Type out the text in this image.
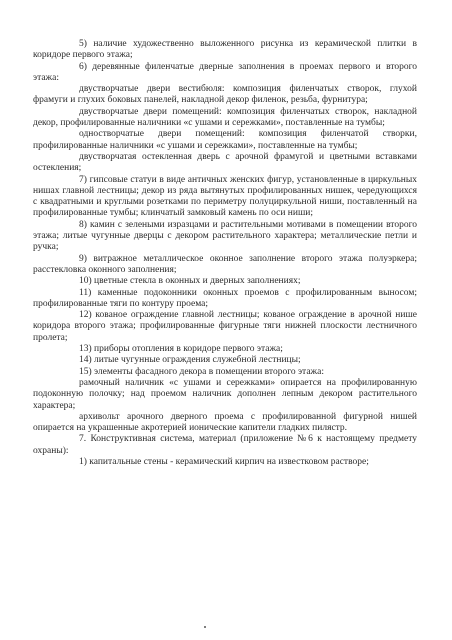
5) наличие художественно выложенного рисунка из керамической плитки в коридоре первого этажа;

6) деревянные филенчатые дверные заполнения в проемах первого и второго этажа:

двустворчатые двери вестибюля: композиция филенчатых створок, глухой фрамуги и глухих боковых панелей, накладной декор филенок, резьба, фурнитура;

двустворчатые двери помещений: композиция филенчатых створок, накладной декор, профилированные наличники «с ушами и сережками», поставленные на тумбы;

одностворчатые двери помещений: композиция филенчатой створки, профилированные наличники «с ушами и сережками», поставленные на тумбы;

двустворчатая остекленная дверь с арочной фрамугой и цветными вставками остекления;

7) гипсовые статуи в виде античных женских фигур, установленные в циркульных нишах главной лестницы; декор из ряда вытянутых профилированных нишек, чередующихся с квадратными и круглыми розетками по периметру полуциркульной ниши, поставленный на профилированные тумбы; клинчатый замковый камень по оси ниши;

8) камин с зелеными изразцами и растительными мотивами в помещении второго этажа; литые чугунные дверцы с декором растительного характера; металлические петли и ручка;

9) витражное металлическое оконное заполнение второго этажа полуэркера; расстекловка оконного заполнения;

10) цветные стекла в оконных и дверных заполнениях;

11) каменные подоконники оконных проемов с профилированным выносом; профилированные тяги по контуру проема;

12) кованое ограждение главной лестницы; кованое ограждение в арочной нише коридора второго этажа; профилированные фигурные тяги нижней плоскости лестничного пролета;

13) приборы отопления в коридоре первого этажа;

14) литые чугунные ограждения служебной лестницы;

15) элементы фасадного декора в помещении второго этажа:

рамочный наличник «с ушами и сережками» опирается на профилированную подоконную полочку; над проемом наличник дополнен лепным декором растительного характера;

архивольт арочного дверного проема с профилированной фигурной нишей опирается на украшенные акротерией ионические капители гладких пилястр.

7. Конструктивная система, материал (приложение №6 к настоящему предмету охраны):

1) капитальные стены - керамический кирпич на известковом растворе;
